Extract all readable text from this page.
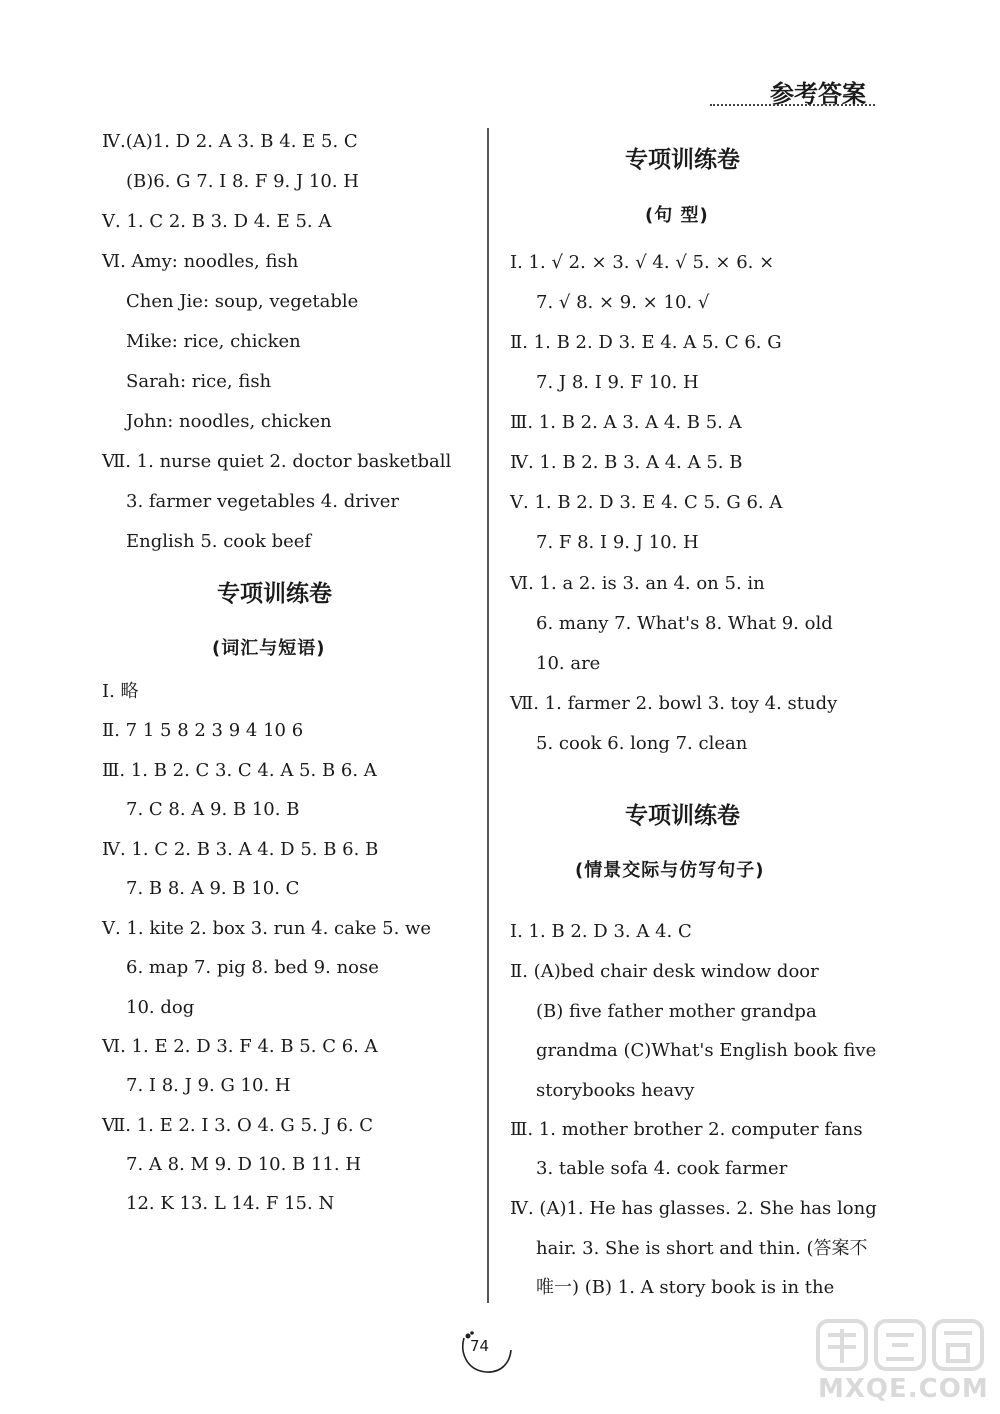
参考答案
Ⅳ.(A)1. D 2. A 3. B 4. E 5. C
(B)6. G 7. I 8. F 9. J 10. H
Ⅴ. 1. C 2. B 3. D 4. E 5. A
Ⅵ. Amy: noodles, fish
Chen Jie: soup, vegetable
Mike: rice, chicken
Sarah: rice, fish
John: noodles, chicken
Ⅶ. 1. nurse quiet 2. doctor basketball
3. farmer vegetables 4. driver
English 5. cook beef
专项训练卷
(词汇与短语)
Ⅰ. 略
Ⅱ. 7 1 5 8 2 3 9 4 10 6
Ⅲ. 1. B 2. C 3. C 4. A 5. B 6. A
7. C 8. A 9. B 10. B
Ⅳ. 1. C 2. B 3. A 4. D 5. B 6. B
7. B 8. A 9. B 10. C
Ⅴ. 1. kite 2. box 3. run 4. cake 5. we
6. map 7. pig 8. bed 9. nose
10. dog
Ⅵ. 1. E 2. D 3. F 4. B 5. C 6. A
7. I 8. J 9. G 10. H
Ⅶ. 1. E 2. I 3. O 4. G 5. J 6. C
7. A 8. M 9. D 10. B 11. H
12. K 13. L 14. F 15. N
专项训练卷
(句 型)
Ⅰ. 1. √ 2. × 3. √ 4. √ 5. × 6. ×
7. √ 8. × 9. × 10. √
Ⅱ. 1. B 2. D 3. E 4. A 5. C 6. G
7. J 8. I 9. F 10. H
Ⅲ. 1. B 2. A 3. A 4. B 5. A
Ⅳ. 1. B 2. B 3. A 4. A 5. B
Ⅴ. 1. B 2. D 3. E 4. C 5. G 6. A
7. F 8. I 9. J 10. H
Ⅵ. 1. a 2. is 3. an 4. on 5. in
6. many 7. What's 8. What 9. old
10. are
Ⅶ. 1. farmer 2. bowl 3. toy 4. study
5. cook 6. long 7. clean
专项训练卷
(情景交际与仿写句子)
Ⅰ. 1. B 2. D 3. A 4. C
Ⅱ. (A)bed chair desk window door
(B) five father mother grandpa
grandma (C)What's English book five
storybooks heavy
Ⅲ. 1. mother brother 2. computer fans
3. table sofa 4. cook farmer
Ⅳ. (A)1. He has glasses. 2. She has long
hair. 3. She is short and thin. (答案不
唯一) (B) 1. A story book is in the
74
MXQE.COM
